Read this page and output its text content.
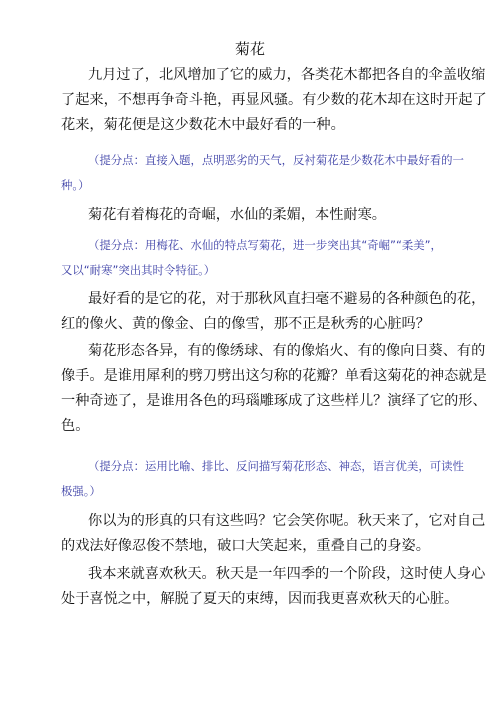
菊花
九月过了，北风增加了它的威力，各类花木都把各自的伞盖收缩
了起来，不想再争奇斗艳，再显风骚。有少数的花木却在这时开起了
花来，菊花便是这少数花木中最好看的一种。
（提分点：直接入题，点明恶劣的天气，反衬菊花是少数花木中最好看的一
种。）
菊花有着梅花的奇崛，水仙的柔媚，本性耐寒。
（提分点：用梅花、水仙的特点写菊花，进一步突出其“奇崛”“柔美”，
又以“耐寒”突出其时令特征。）
最好看的是它的花，对于那秋风直扫毫不避易的各种颜色的花，
红的像火、黄的像金、白的像雪，那不正是秋秀的心脏吗？
菊花形态各异，有的像绣球、有的像焰火、有的像向日葵、有的
像手。是谁用犀利的劈刀劈出这匀称的花瓣？单看这菊花的神态就是
一种奇迹了，是谁用各色的玛瑙雕琢成了这些样儿？演绎了它的形、
色。
（提分点：运用比喻、排比、反问描写菊花形态、神态，语言优美，可读性
极强。）
你以为的形真的只有这些吗？它会笑你呢。秋天来了，它对自己
的戏法好像忍俊不禁地，破口大笑起来，重叠自己的身姿。
我本来就喜欢秋天。秋天是一年四季的一个阶段，这时使人身心
处于喜悦之中，解脱了夏天的束缚，因而我更喜欢秋天的心脏。
